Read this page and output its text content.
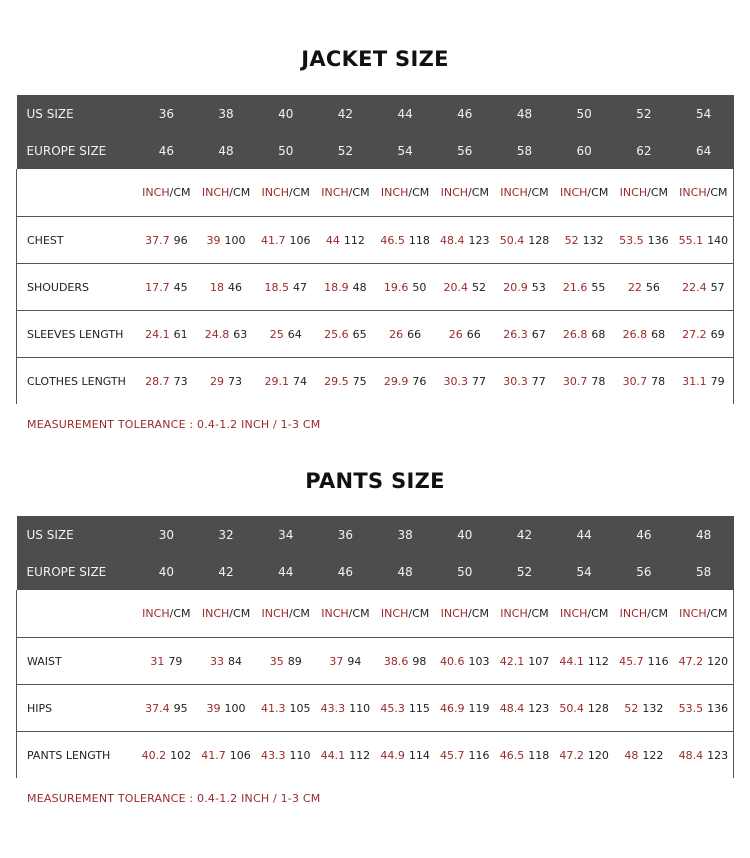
JACKET SIZE
US SIZE	36	38	40	42	44	46	48	50	52	54
EUROPE SIZE	46	48	50	52	54	56	58	60	62	64
	INCH/CM	INCH/CM	INCH/CM	INCH/CM	INCH/CM	INCH/CM	INCH/CM	INCH/CM	INCH/CM	INCH/CM
CHEST	37.7 96	39 100	41.7 106	44 112	46.5 118	48.4 123	50.4 128	52 132	53.5 136	55.1 140
SHOUDERS	17.7 45	18 46	18.5 47	18.9 48	19.6 50	20.4 52	20.9 53	21.6 55	22 56	22.4 57
SLEEVES LENGTH	24.1 61	24.8 63	25 64	25.6 65	26 66	26 66	26.3 67	26.8 68	26.8 68	27.2 69
CLOTHES LENGTH	28.7 73	29 73	29.1 74	29.5 75	29.9 76	30.3 77	30.3 77	30.7 78	30.7 78	31.1 79
MEASUREMENT TOLERANCE : 0.4-1.2 INCH / 1-3 CM
PANTS SIZE
US SIZE	30	32	34	36	38	40	42	44	46	48
EUROPE SIZE	40	42	44	46	48	50	52	54	56	58
	INCH/CM	INCH/CM	INCH/CM	INCH/CM	INCH/CM	INCH/CM	INCH/CM	INCH/CM	INCH/CM	INCH/CM
WAIST	31 79	33 84	35 89	37 94	38.6 98	40.6 103	42.1 107	44.1 112	45.7 116	47.2 120
HIPS	37.4 95	39 100	41.3 105	43.3 110	45.3 115	46.9 119	48.4 123	50.4 128	52 132	53.5 136
PANTS LENGTH	40.2 102	41.7 106	43.3 110	44.1 112	44.9 114	45.7 116	46.5 118	47.2 120	48 122	48.4 123
MEASUREMENT TOLERANCE : 0.4-1.2 INCH / 1-3 CM
